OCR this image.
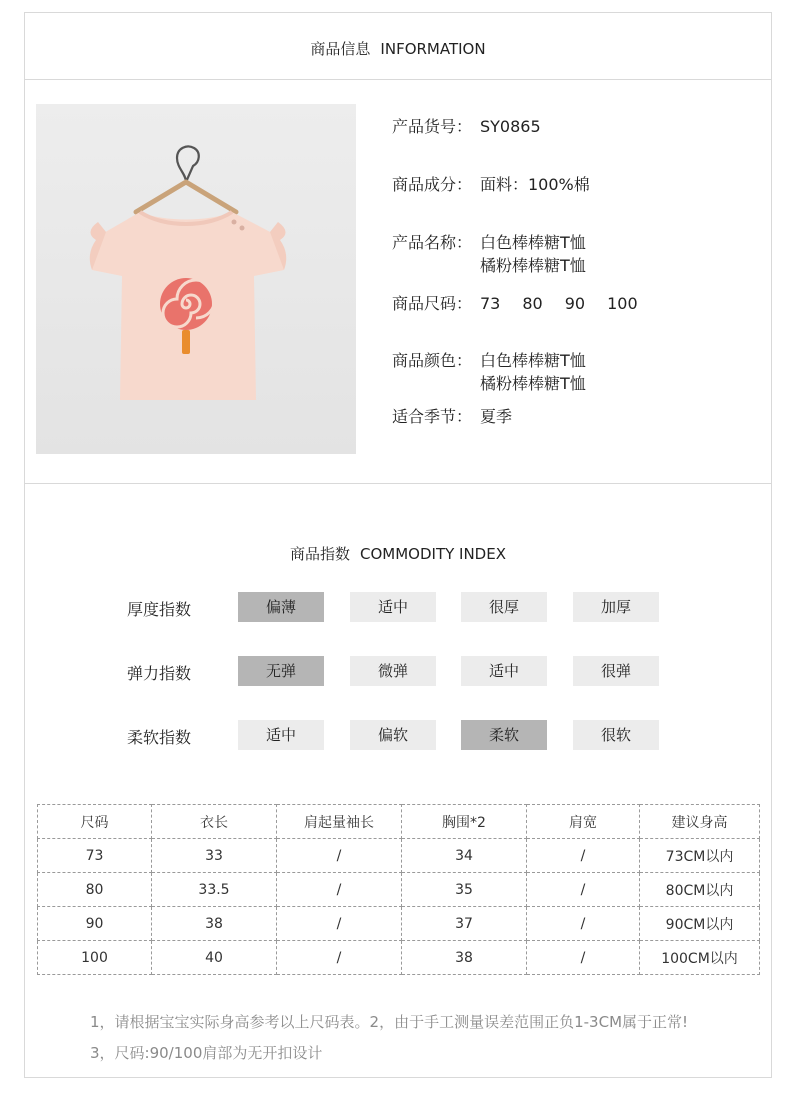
商品信息 INFORMATION
产品货号： SY0865
商品成分： 面料：100%棉
产品名称： 白色棒棒糖T恤
橘粉棒棒糖T恤
商品尺码： 73 80 90 100
商品颜色： 白色棒棒糖T恤
橘粉棒棒糖T恤
适合季节： 夏季
商品指数 COMMODITY INDEX
厚度指数	偏薄	适中	很厚	加厚
弹力指数	无弹	微弹	适中	很弹
柔软指数	适中	偏软	柔软	很软
尺码	衣长	肩起量袖长	胸围*2	肩宽	建议身高
73	33	/	34	/	73CM以内
80	33.5	/	35	/	80CM以内
90	38	/	37	/	90CM以内
100	40	/	38	/	100CM以内
1，请根据宝宝实际身高参考以上尺码表。2，由于手工测量误差范围正负1-3CM属于正常!
3，尺码:90/100肩部为无开扣设计
